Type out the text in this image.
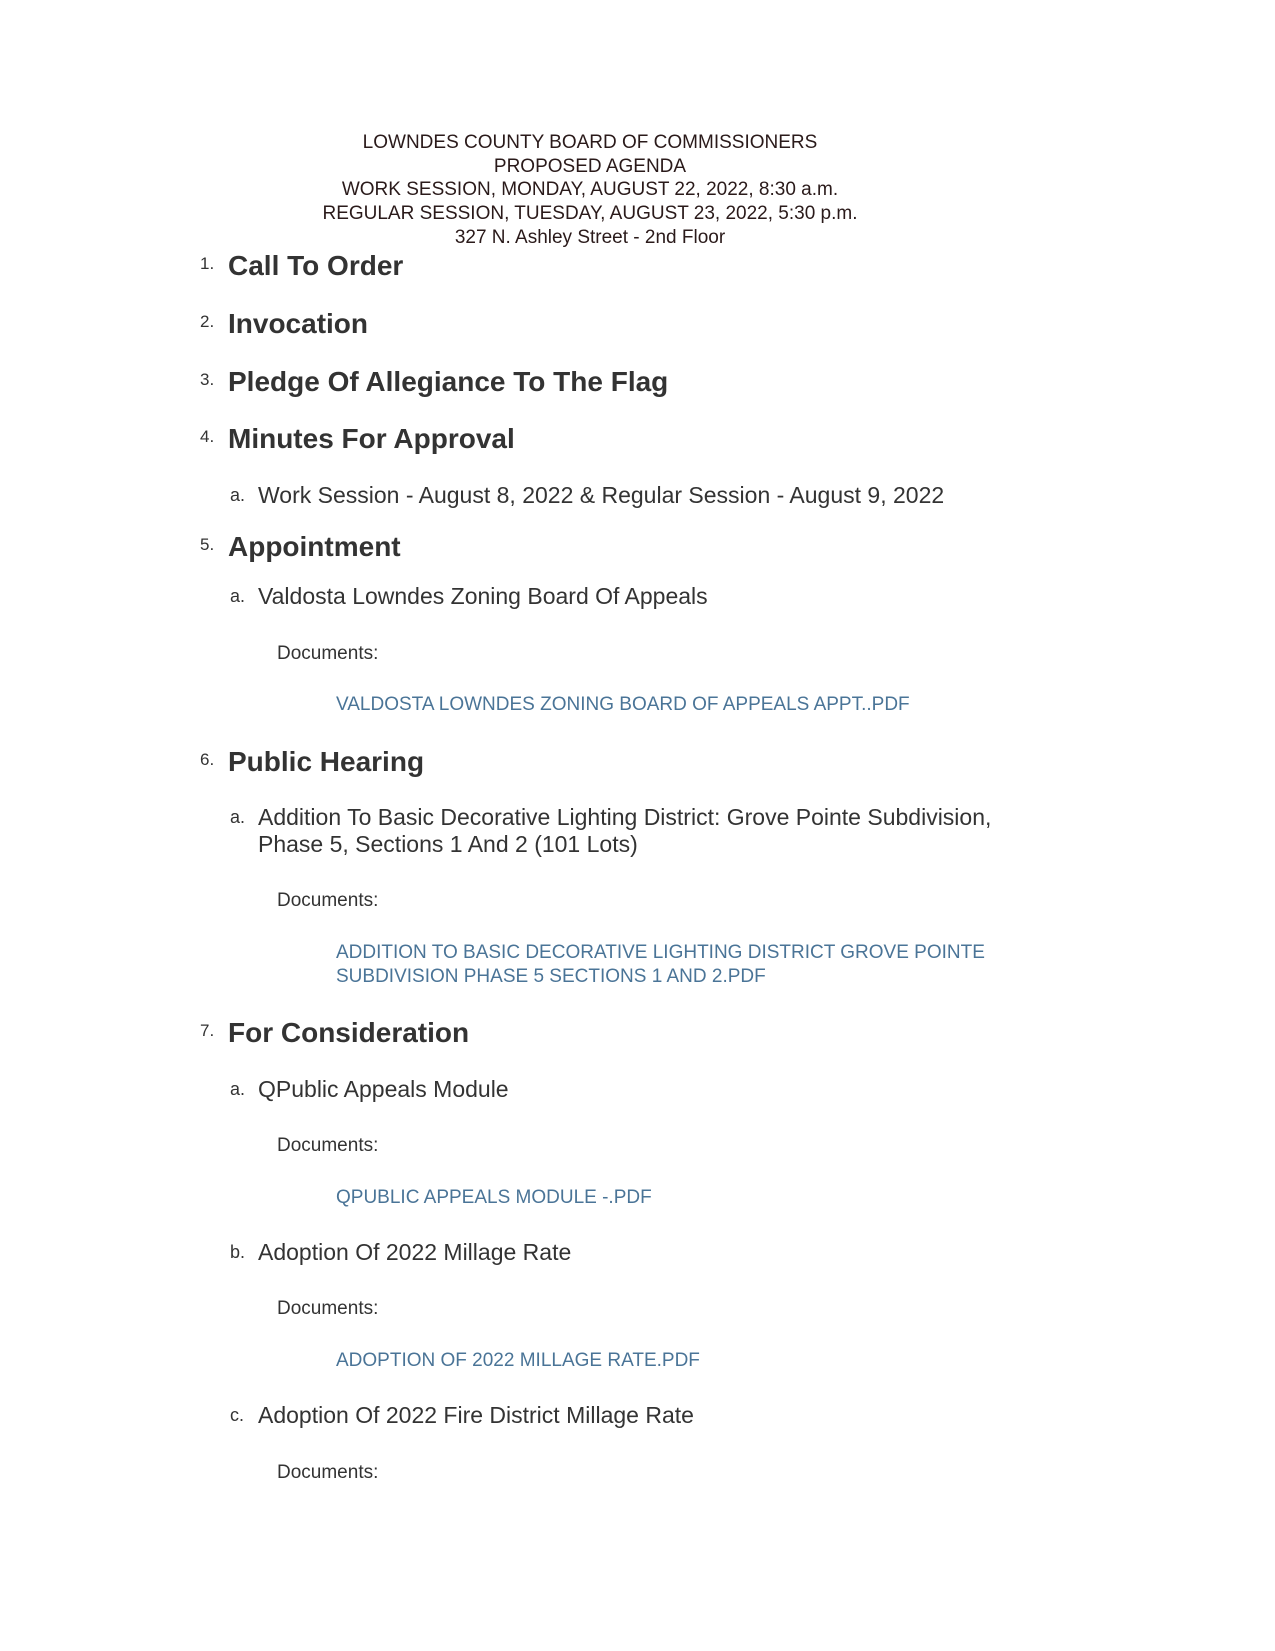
LOWNDES COUNTY BOARD OF COMMISSIONERS
PROPOSED AGENDA
WORK SESSION, MONDAY, AUGUST 22, 2022, 8:30 a.m.
REGULAR SESSION, TUESDAY, AUGUST 23, 2022, 5:30 p.m.
327 N. Ashley Street - 2nd Floor
1. Call To Order
2. Invocation
3. Pledge Of Allegiance To The Flag
4. Minutes For Approval
a. Work Session - August 8, 2022 & Regular Session - August 9, 2022
5. Appointment
a. Valdosta Lowndes Zoning Board Of Appeals
Documents:
VALDOSTA LOWNDES ZONING BOARD OF APPEALS APPT..PDF
6. Public Hearing
a. Addition To Basic Decorative Lighting District: Grove Pointe Subdivision, Phase 5, Sections 1 And 2 (101 Lots)
Documents:
ADDITION TO BASIC DECORATIVE LIGHTING DISTRICT GROVE POINTE SUBDIVISION PHASE 5 SECTIONS 1 AND 2.PDF
7. For Consideration
a. QPublic Appeals Module
Documents:
QPUBLIC APPEALS MODULE -.PDF
b. Adoption Of 2022 Millage Rate
Documents:
ADOPTION OF 2022 MILLAGE RATE.PDF
c. Adoption Of 2022 Fire District Millage Rate
Documents:
